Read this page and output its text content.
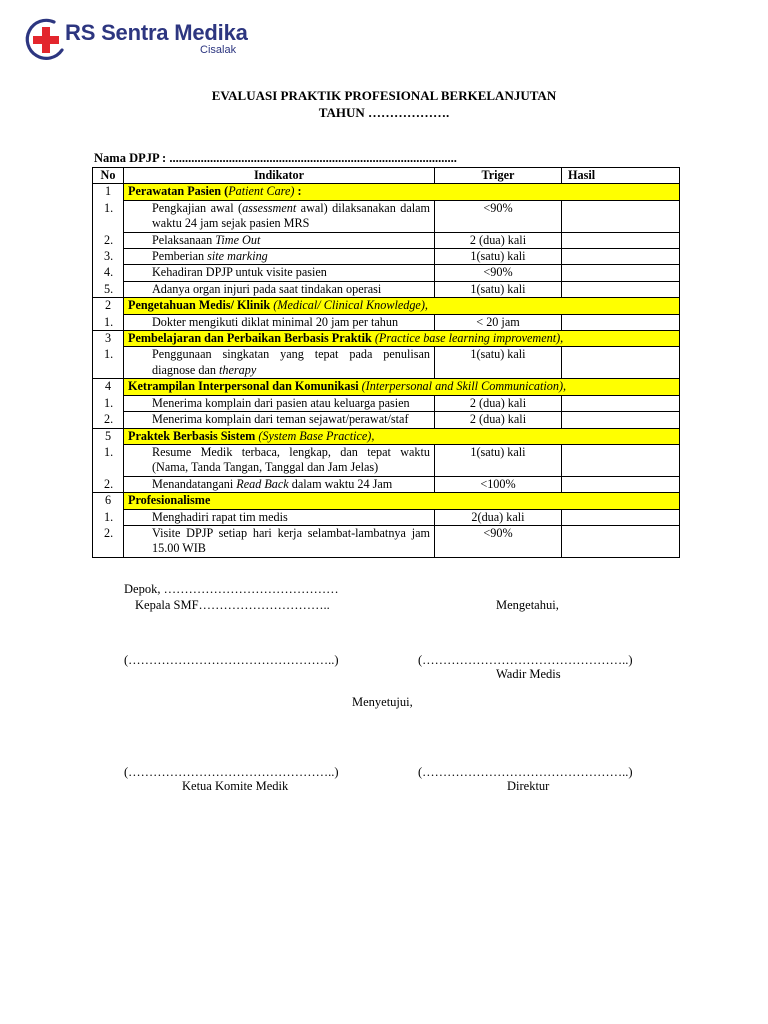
RS Sentra Medika
Cisalak
EVALUASI PRAKTIK PROFESIONAL BERKELANJUTAN
TAHUN ……………….
Nama DPJP : ............................................................................................
No	Indikator	Triger	Hasil
1	Perawatan Pasien (Patient Care) :		

	1. Pengkajian awal (assessment awal) dilaksanakan dalam waktu 24 jam sejak pasien MRS	<90%	

	2. Pelaksanaan Time Out	2 (dua) kali	

	3. Pemberian site marking	1(satu) kali	

	4. Kehadiran DPJP untuk visite pasien	<90%	

	5. Adanya organ injuri pada saat tindakan operasi	1(satu) kali	
2	Pengetahuan Medis/ Klinik (Medical/ Clinical Knowledge),		

	1. Dokter mengikuti diklat minimal 20 jam per tahun	< 20 jam	
3	Pembelajaran dan Perbaikan Berbasis Praktik (Practice base learning improvement),		

	1. Penggunaan singkatan yang tepat pada penulisan diagnose dan therapy	1(satu) kali	
4	Ketrampilan Interpersonal dan Komunikasi (Interpersonal and Skill Communication),		

	1. Menerima komplain dari pasien atau keluarga pasien	2 (dua) kali	

	2. Menerima komplain dari teman sejawat/perawat/staf	2 (dua) kali	
5	Praktek Berbasis Sistem (System Base Practice),		

	1. Resume Medik terbaca, lengkap, dan tepat waktu (Nama, Tanda Tangan, Tanggal dan Jam Jelas)	1(satu) kali	

	2. Menandatangani Read Back dalam waktu 24 Jam	<100%	
6	Profesionalisme		

	1. Menghadiri rapat tim medis	2(dua) kali	

	2. Visite DPJP setiap hari kerja selambat-lambatnya jam 15.00 WIB	<90%	
Depok, ……………………………………
Kepala SMF…………………………..	Mengetahui,
(…………………………………………..)	(…………………………………………..)
Wadir Medis
Menyetujui,
(…………………………………………..)	(…………………………………………..)
Ketua Komite Medik	Direktur
